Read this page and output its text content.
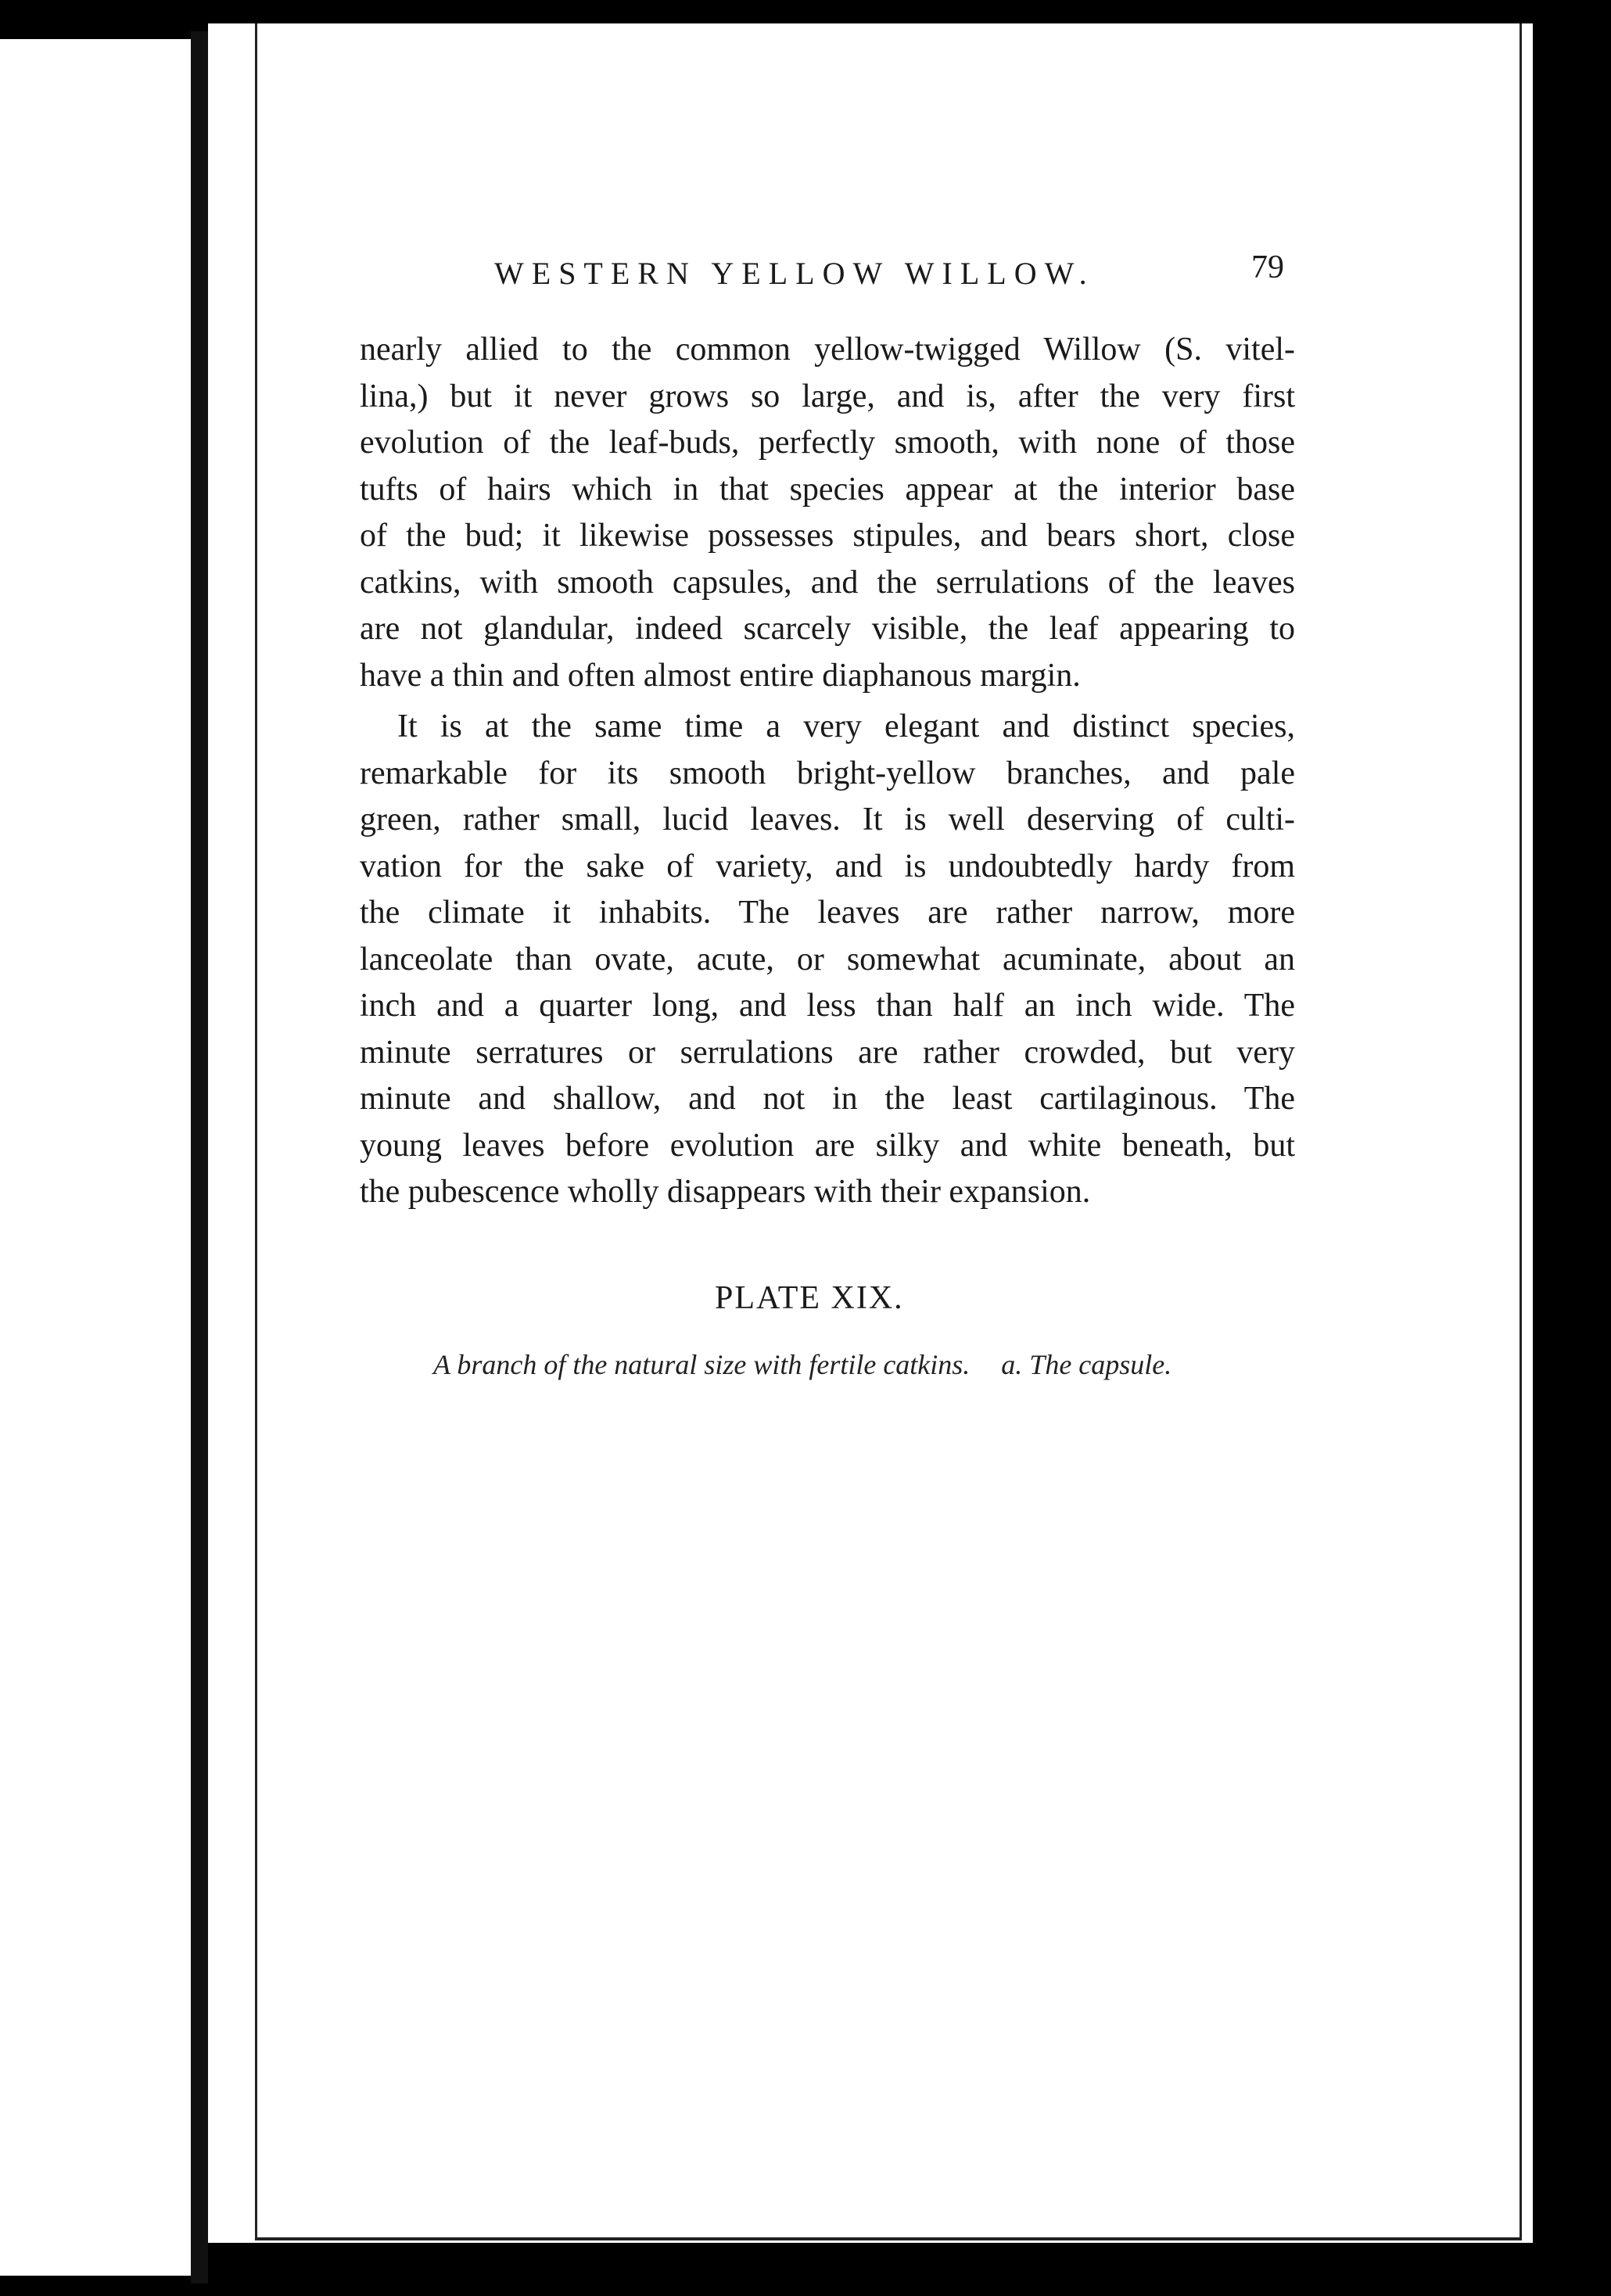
WESTERN YELLOW WILLOW.	79
nearly allied to the common yellow-twigged Willow (S. vitel-
lina,) but it never grows so large, and is, after the very first
evolution of the leaf-buds, perfectly smooth, with none of those
tufts of hairs which in that species appear at the interior base
of the bud; it likewise possesses stipules, and bears short, close
catkins, with smooth capsules, and the serrulations of the leaves
are not glandular, indeed scarcely visible, the leaf appearing to
have a thin and often almost entire diaphanous margin.
It is at the same time a very elegant and distinct species,
remarkable for its smooth bright-yellow branches, and pale
green, rather small, lucid leaves. It is well deserving of culti-
vation for the sake of variety, and is undoubtedly hardy from
the climate it inhabits. The leaves are rather narrow, more
lanceolate than ovate, acute, or somewhat acuminate, about an
inch and a quarter long, and less than half an inch wide. The
minute serratures or serrulations are rather crowded, but very
minute and shallow, and not in the least cartilaginous. The
young leaves before evolution are silky and white beneath, but
the pubescence wholly disappears with their expansion.
PLATE XIX.
A branch of the natural size with fertile catkins. a. The capsule.
